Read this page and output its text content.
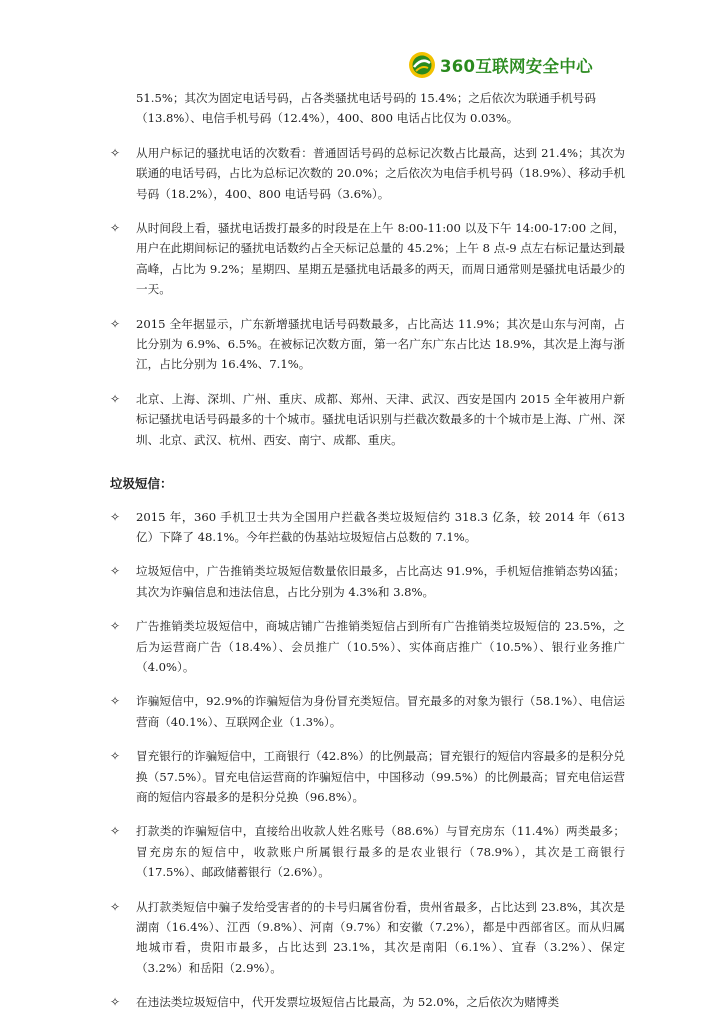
360互联网安全中心

51.5%；其次为固定电话号码，占各类骚扰电话号码的 15.4%；之后依次为联通手机号码（13.8%）、电信手机号码（12.4%），400、800 电话占比仅为 0.03%。

✧	从用户标记的骚扰电话的次数看：普通固话号码的总标记次数占比最高，达到 21.4%；其次为联通的电话号码，占比为总标记次数的 20.0%；之后依次为电信手机号码（18.9%）、移动手机号码（18.2%），400、800 电话号码（3.6%）。
✧	从时间段上看，骚扰电话拨打最多的时段是在上午 8:00-11:00 以及下午 14:00-17:00 之间，用户在此期间标记的骚扰电话数约占全天标记总量的 45.2%；上午 8 点-9 点左右标记量达到最高峰，占比为 9.2%；星期四、星期五是骚扰电话最多的两天，而周日通常则是骚扰电话最少的一天。
✧	2015 全年据显示，广东新增骚扰电话号码数最多，占比高达 11.9%；其次是山东与河南，占比分别为 6.9%、6.5%。在被标记次数方面，第一名广东广东占比达 18.9%，其次是上海与浙江，占比分别为 16.4%、7.1%。
✧	北京、上海、深圳、广州、重庆、成都、郑州、天津、武汉、西安是国内 2015 全年被用户新标记骚扰电话号码最多的十个城市。骚扰电话识别与拦截次数最多的十个城市是上海、广州、深圳、北京、武汉、杭州、西安、南宁、成都、重庆。
垃圾短信：
✧	2015 年，360 手机卫士共为全国用户拦截各类垃圾短信约 318.3 亿条，较 2014 年（613 亿）下降了 48.1%。今年拦截的伪基站垃圾短信占总数的 7.1%。
✧	垃圾短信中，广告推销类垃圾短信数量依旧最多，占比高达 91.9%，手机短信推销态势凶猛；其次为诈骗信息和违法信息，占比分别为 4.3%和 3.8%。
✧	广告推销类垃圾短信中，商城店铺广告推销类短信占到所有广告推销类垃圾短信的 23.5%，之后为运营商广告（18.4%）、会员推广（10.5%）、实体商店推广（10.5%）、银行业务推广（4.0%）。
✧	诈骗短信中，92.9%的诈骗短信为身份冒充类短信。冒充最多的对象为银行（58.1%）、电信运营商（40.1%）、互联网企业（1.3%）。
✧	冒充银行的诈骗短信中，工商银行（42.8%）的比例最高；冒充银行的短信内容最多的是积分兑换（57.5%）。冒充电信运营商的诈骗短信中，中国移动（99.5%）的比例最高；冒充电信运营商的短信内容最多的是积分兑换（96.8%）。
✧	打款类的诈骗短信中，直接给出收款人姓名账号（88.6%）与冒充房东（11.4%）两类最多；冒充房东的短信中，收款账户所属银行最多的是农业银行（78.9%），其次是工商银行（17.5%）、邮政储蓄银行（2.6%）。
✧	从打款类短信中骗子发给受害者的的卡号归属省份看，贵州省最多，占比达到 23.8%，其次是湖南（16.4%）、江西（9.8%）、河南（9.7%）和安徽（7.2%），都是中西部省区。而从归属地城市看，贵阳市最多，占比达到 23.1%，其次是南阳（6.1%）、宜春（3.2%）、保定（3.2%）和岳阳（2.9%）。
✧	在违法类垃圾短信中，代开发票垃圾短信占比最高，为 52.0%，之后依次为赌博类
